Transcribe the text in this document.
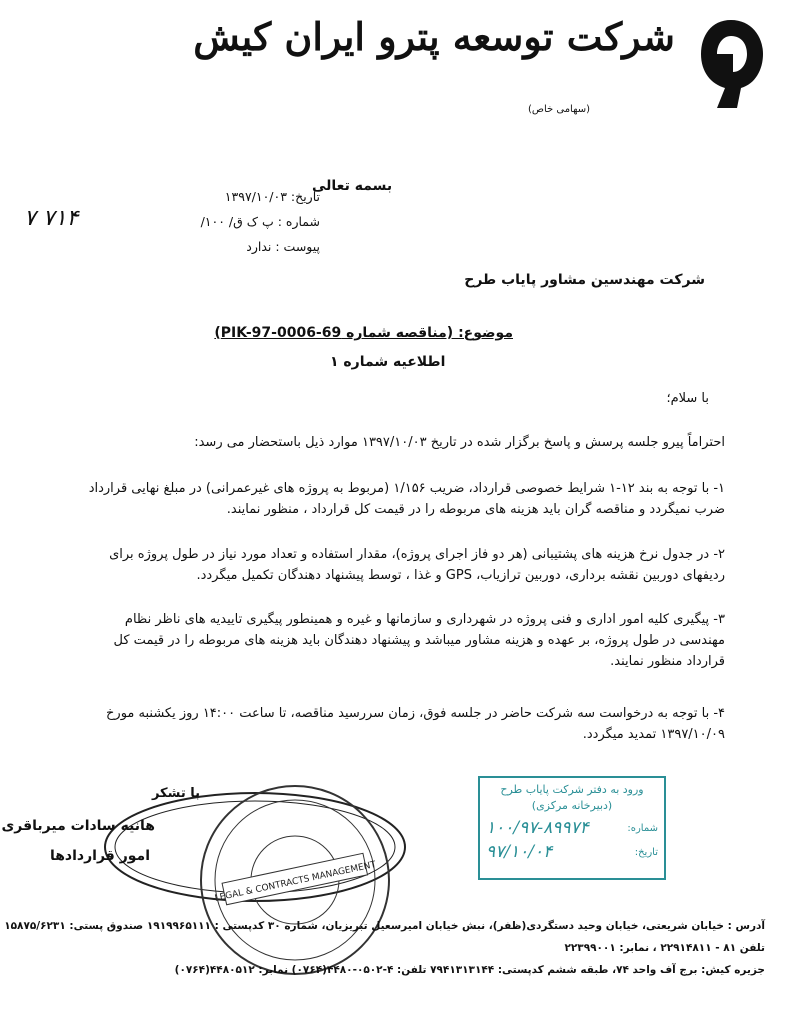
شرکت توسعه پترو ایران کیش
(سهامی خاص)
بسمه تعالی
تاریخ: ۱۳۹۷/۱۰/۰۳
شماره : پ ک ق/ ۱۰۰/
پیوست : ندارد
۷ ۷۱۴
شرکت مهندسین مشاور پایاب طرح
موضوع: (مناقصه شماره PIK-97-0006-69)
اطلاعیه شماره ۱
با سلام؛
احتراماً پیرو جلسه پرسش و پاسخ برگزار شده در تاریخ ۱۳۹۷/۱۰/۰۳ موارد ذیل باستحضار می رسد:
۱- با توجه به بند ۱۲-۱ شرایط خصوصی قرارداد، ضریب ۱/۱۵۶ (مربوط به پروژه های غیرعمرانی) در مبلغ نهایی قرارداد ضرب نمیگردد و مناقصه گران باید هزینه های مربوطه را در قیمت کل قرارداد ، منظور نمایند.
۲- در جدول نرخ هزینه های پشتیبانی (هر دو فاز اجرای پروژه)، مقدار استفاده و تعداد مورد نیاز در طول پروژه برای ردیفهای دوربین نقشه برداری، دوربین ترازیاب، GPS و غذا ، توسط پیشنهاد دهندگان تکمیل میگردد.
۳- پیگیری کلیه امور اداری و فنی پروژه در شهرداری و سازمانها و غیره و همینطور پیگیری تاییدیه های ناظر نظام مهندسی در طول پروژه، بر عهده و هزینه مشاور میباشد و پیشنهاد دهندگان باید هزینه های مربوطه را در قیمت کل قرارداد منظور نمایند.
۴- با توجه به درخواست سه شرکت حاضر در جلسه فوق، زمان سررسید مناقصه، تا ساعت ۱۴:۰۰ روز یکشنبه مورخ ۱۳۹۷/۱۰/۰۹ تمدید میگردد.
LEGAL & CONTRACTS MANAGEMENT
با تشکر
هانیه سادات میرباقری
امور قراردادها
ورود به دفتر شرکت پایاب طرح
(دبیرخانه مرکزی)
شماره:
۱۰۰/۹۷-۸۹۹۷۴
تاریخ:
۹۷/۱۰/۰۴
آدرس : خیابان شریعتی، خیابان وحید دستگردی(ظفر)، نبش خیابان امیرسعیل تبریزیان، شماره ۳۰ کدپستی : ۱۹۱۹۹۶۵۱۱۱ صندوق پستی: ۱۵۸۷۵/۶۲۳۱
تلفن ۸۱ - ۲۲۹۱۴۸۱۱ ، نمابر: ۲۲۳۹۹۰۰۱
جزیره کیش: برج آف واحد ۷۴، طبقه ششم کدپستی: ۷۹۴۱۳۱۳۱۴۴ تلفن: ۴-۰۵۰۲-۴۴۸۰(۰۷۶۴) نمابر: ۴۴۸۰۵۱۲(۰۷۶۴)
